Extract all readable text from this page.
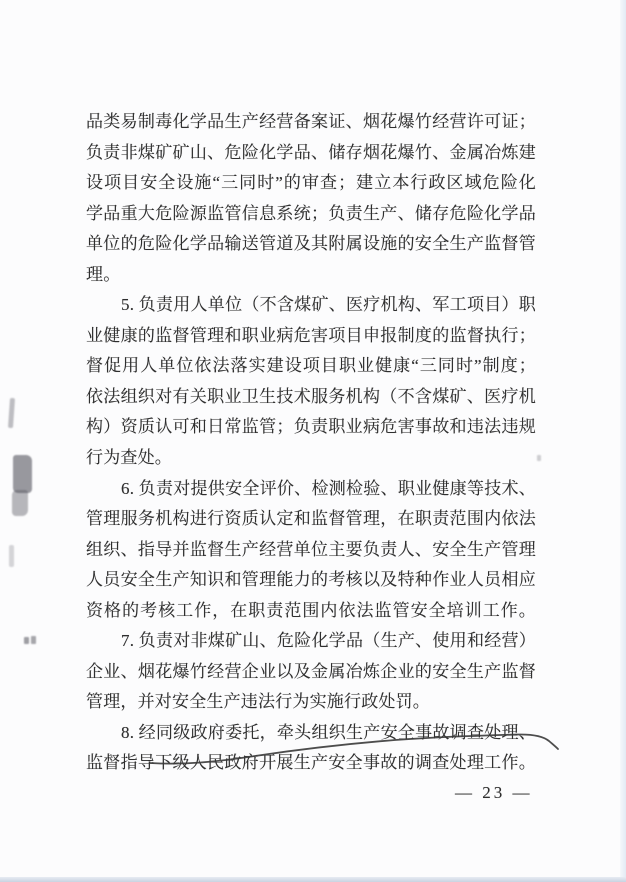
品类易制毒化学品生产经营备案证、烟花爆竹经营许可证；
负责非煤矿矿山、危险化学品、储存烟花爆竹、金属冶炼建
设项目安全设施“三同时”的审查；建立本行政区域危险化
学品重大危险源监管信息系统；负责生产、储存危险化学品
单位的危险化学品输送管道及其附属设施的安全生产监督管
理。
5. 负责用人单位（不含煤矿、医疗机构、军工项目）职
业健康的监督管理和职业病危害项目申报制度的监督执行；
督促用人单位依法落实建设项目职业健康“三同时”制度；
依法组织对有关职业卫生技术服务机构（不含煤矿、医疗机
构）资质认可和日常监管；负责职业病危害事故和违法违规
行为查处。
6. 负责对提供安全评价、检测检验、职业健康等技术、
管理服务机构进行资质认定和监督管理，在职责范围内依法
组织、指导并监督生产经营单位主要负责人、安全生产管理
人员安全生产知识和管理能力的考核以及特种作业人员相应
资格的考核工作，在职责范围内依法监管安全培训工作。
7. 负责对非煤矿山、危险化学品（生产、使用和经营）
企业、烟花爆竹经营企业以及金属冶炼企业的安全生产监督
管理，并对安全生产违法行为实施行政处罚。
8. 经同级政府委托，牵头组织生产安全事故调查处理、
监督指导下级人民政府开展生产安全事故的调查处理工作。
— 23 —
